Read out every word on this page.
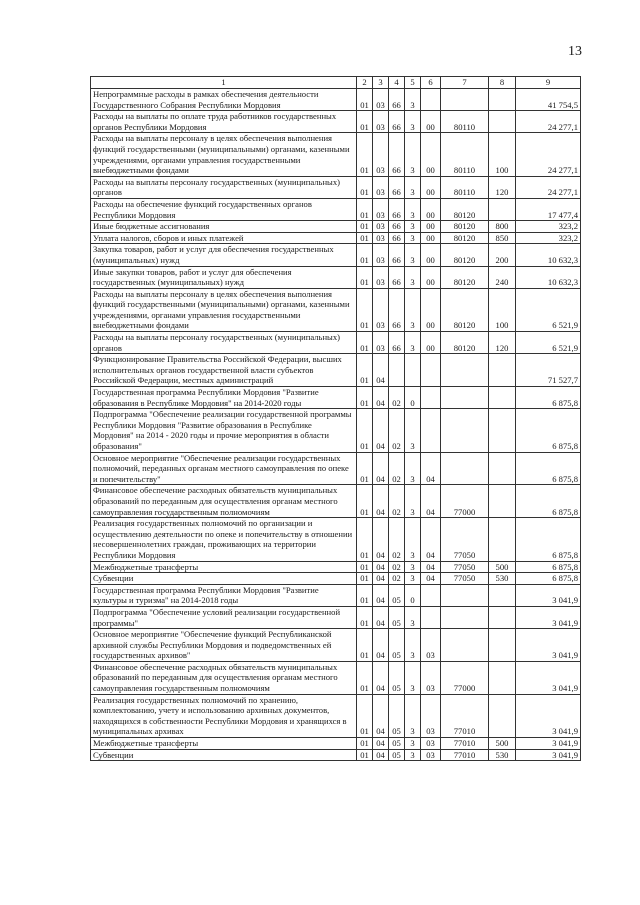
13
1	2	3	4	5	6	7	8	9
Непрограммные расходы в рамках обеспечения деятельности Государственного Собрания Республики Мордовия	01	03	66	3				41 754,5
Расходы на выплаты по оплате труда работников государственных органов Республики Мордовия	01	03	66	3	00	80110		24 277,1
Расходы на выплаты персоналу в целях обеспечения выполнения функций государственными (муниципальными) органами, казенными учреждениями, органами управления государственными внебюджетными фондами	01	03	66	3	00	80110	100	24 277,1
Расходы на выплаты персоналу государственных (муниципальных) органов	01	03	66	3	00	80110	120	24 277,1
Расходы на обеспечение функций государственных органов Республики Мордовия	01	03	66	3	00	80120		17 477,4
Иные бюджетные ассигнования	01	03	66	3	00	80120	800	323,2
Уплата налогов, сборов и иных платежей	01	03	66	3	00	80120	850	323,2
Закупка товаров, работ и услуг для обеспечения государственных (муниципальных) нужд	01	03	66	3	00	80120	200	10 632,3
Иные закупки товаров, работ и услуг для обеспечения государственных (муниципальных) нужд	01	03	66	3	00	80120	240	10 632,3
Расходы на выплаты персоналу в целях обеспечения выполнения функций государственными (муниципальными) органами, казенными учреждениями, органами управления государственными внебюджетными фондами	01	03	66	3	00	80120	100	6 521,9
Расходы на выплаты персоналу государственных (муниципальных) органов	01	03	66	3	00	80120	120	6 521,9
Функционирование Правительства Российской Федерации, высших исполнительных органов государственной власти субъектов Российской Федерации, местных администраций	01	04						71 527,7
Государственная программа Республики Мордовия "Развитие образования в Республике Мордовия" на 2014-2020 годы	01	04	02	0				6 875,8
Подпрограмма "Обеспечение реализации государственной программы Республики Мордовия "Развитие образования в Республике Мордовия" на 2014 - 2020 годы и прочие мероприятия в области образования"	01	04	02	3				6 875,8
Основное мероприятие "Обеспечение реализации государственных полномочий, переданных органам местного самоуправления по опеке и попечительству"	01	04	02	3	04			6 875,8
Финансовое обеспечение расходных обязательств муниципальных образований по переданным для осуществления органам местного самоуправления государственным полномочиям	01	04	02	3	04	77000		6 875,8
Реализация государственных полномочий по организации и осуществлению деятельности по опеке и попечительству в отношении несовершеннолетних граждан, проживающих на территории Республики Мордовия	01	04	02	3	04	77050		6 875,8
Межбюджетные трансферты	01	04	02	3	04	77050	500	6 875,8
Субвенции	01	04	02	3	04	77050	530	6 875,8
Государственная программа Республики Мордовия "Развитие культуры и туризма" на 2014-2018 годы	01	04	05	0				3 041,9
Подпрограмма "Обеспечение условий реализации государственной программы"	01	04	05	3				3 041,9
Основное мероприятие "Обеспечение функций Республиканской архивной службы Республики Мордовия и подведомственных ей государственных архивов"	01	04	05	3	03			3 041,9
Финансовое обеспечение расходных обязательств муниципальных образований по переданным для осуществления органам местного самоуправления государственным полномочиям	01	04	05	3	03	77000		3 041,9
Реализация государственных полномочий по хранению, комплектованию, учету и использованию архивных документов, находящихся в собственности Республики Мордовия и хранящихся в муниципальных архивах	01	04	05	3	03	77010		3 041,9
Межбюджетные трансферты	01	04	05	3	03	77010	500	3 041,9
Субвенции	01	04	05	3	03	77010	530	3 041,9
